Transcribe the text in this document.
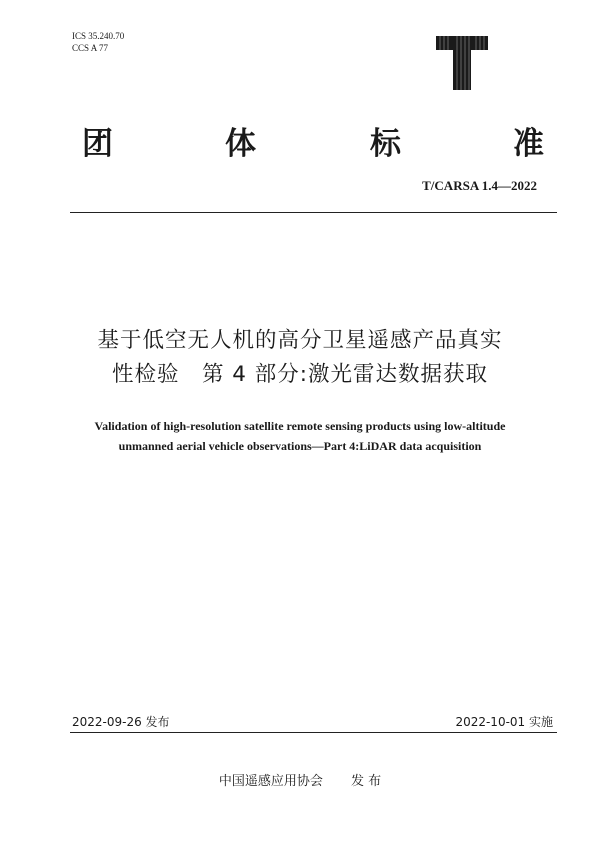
ICS 35.240.70
CCS A 77
团	体	标	准
T/CARSA 1.4—2022
基于低空无人机的高分卫星遥感产品真实
性检验　第 4 部分:激光雷达数据获取
Validation of high-resolution satellite remote sensing products using low-altitude
unmanned aerial vehicle observations—Part 4:LiDAR data acquisition
2022-09-26 发布	2022-10-01 实施
中国遥感应用协会 发 布
